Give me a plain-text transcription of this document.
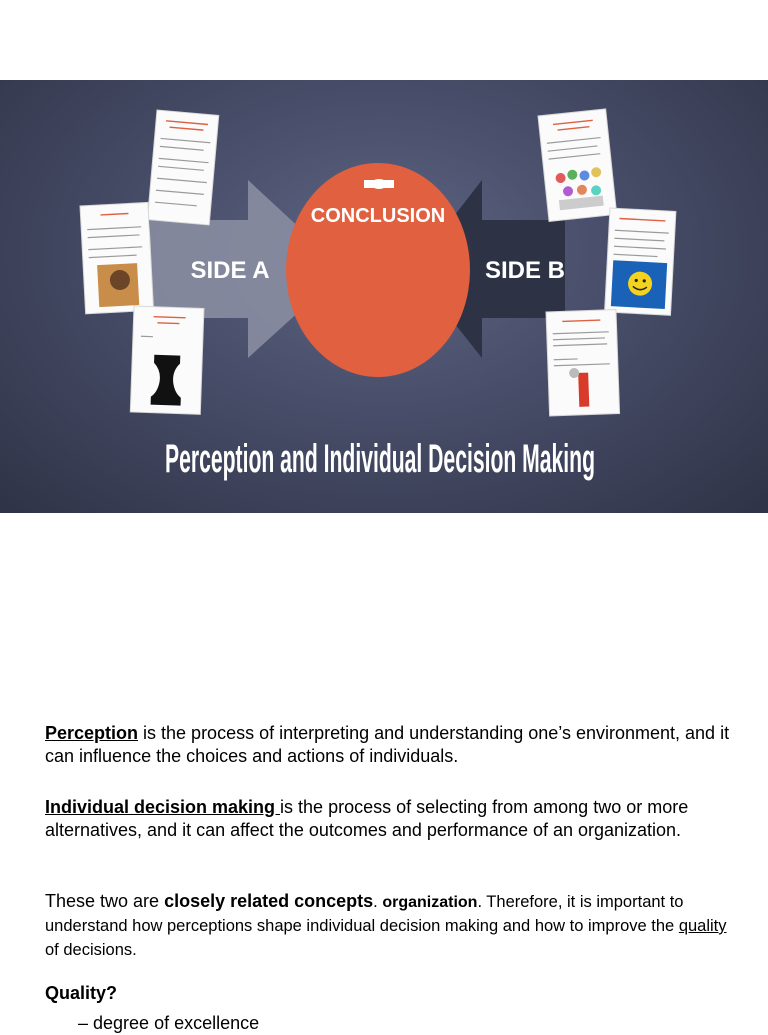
CONCLUSION
SIDE A	SIDE B
Perception and Individual Decision Making
Perception is the process of interpreting and understanding one’s environment, and it can influence the choices and actions of individuals.
Individual decision making is the process of selecting from among two or more alternatives, and it can affect the outcomes and performance of an organization.
These two are closely related concepts. organization. Therefore, it is important to understand how perceptions shape individual decision making and how to improve the quality of decisions.
Quality?
– degree of excellence
